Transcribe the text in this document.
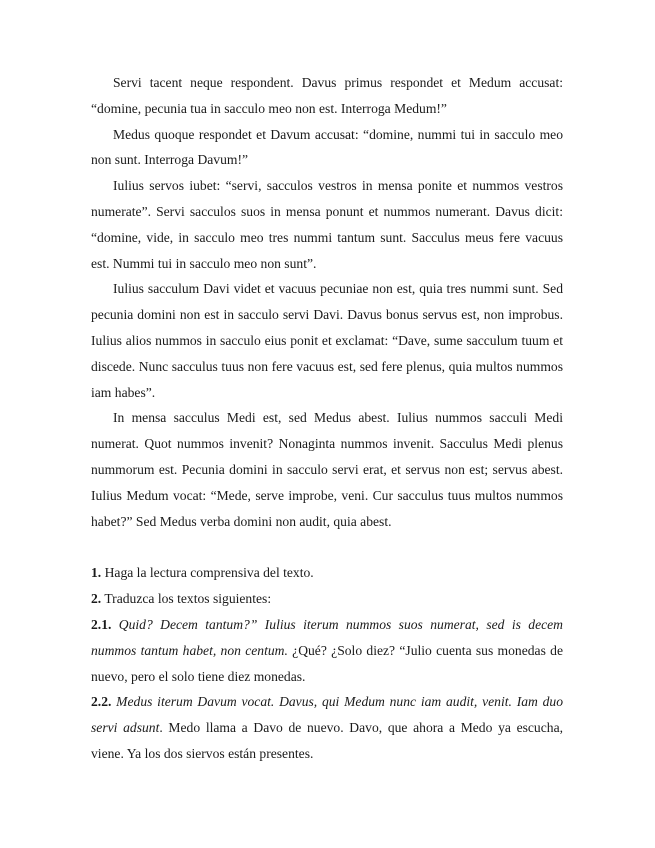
Servi tacent neque respondent. Davus primus respondet et Medum accusat: “domine, pecunia tua in sacculo meo non est. Interroga Medum!”

Medus quoque respondet et Davum accusat: “domine, nummi tui in sacculo meo non sunt. Interroga Davum!”

Iulius servos iubet: “servi, sacculos vestros in mensa ponite et nummos vestros numerate”. Servi sacculos suos in mensa ponunt et nummos numerant. Davus dicit: “domine, vide, in sacculo meo tres nummi tantum sunt. Sacculus meus fere vacuus est. Nummi tui in sacculo meo non sunt”.

Iulius sacculum Davi videt et vacuus pecuniae non est, quia tres nummi sunt. Sed pecunia domini non est in sacculo servi Davi. Davus bonus servus est, non improbus. Iulius alios nummos in sacculo eius ponit et exclamat: “Dave, sume sacculum tuum et discede. Nunc sacculus tuus non fere vacuus est, sed fere plenus, quia multos nummos iam habes”.

In mensa sacculus Medi est, sed Medus abest. Iulius nummos sacculi Medi numerat. Quot nummos invenit? Nonaginta nummos invenit. Sacculus Medi plenus nummorum est. Pecunia domini in sacculo servi erat, et servus non est; servus abest. Iulius Medum vocat: “Mede, serve improbe, veni. Cur sacculus tuus multos nummos habet?” Sed Medus verba domini non audit, quia abest.

1. Haga la lectura comprensiva del texto.

2. Traduzca los textos siguientes:

2.1. Quid? Decem tantum?” Iulius iterum nummos suos numerat, sed is decem nummos tantum habet, non centum. ¿Qué? ¿Solo diez? “Julio cuenta sus monedas de nuevo, pero el solo tiene diez monedas.

2.2. Medus iterum Davum vocat. Davus, qui Medum nunc iam audit, venit. Iam duo servi adsunt. Medo llama a Davo de nuevo. Davo, que ahora a Medo ya escucha, viene. Ya los dos siervos están presentes.
